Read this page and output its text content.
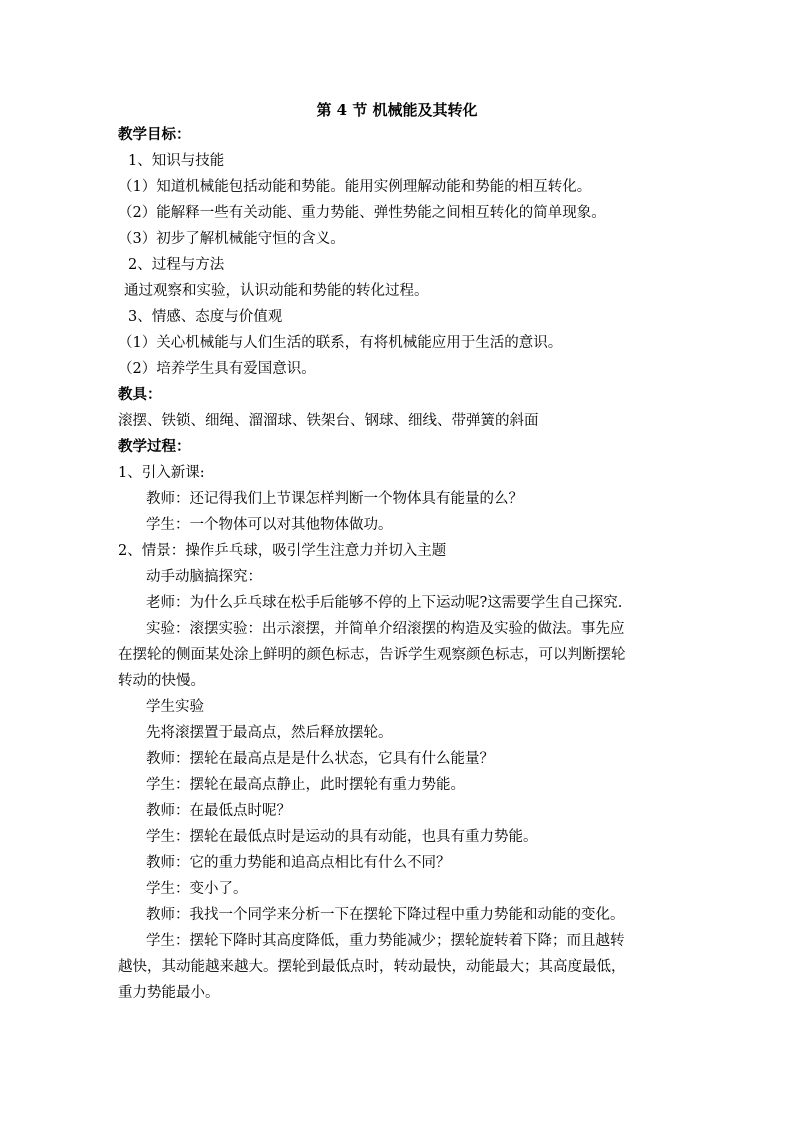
第 4 节 机械能及其转化
教学目标：
1、知识与技能
（1）知道机械能包括动能和势能。能用实例理解动能和势能的相互转化。
（2）能解释一些有关动能、重力势能、弹性势能之间相互转化的简单现象。
（3）初步了解机械能守恒的含义。
2、过程与方法
通过观察和实验，认识动能和势能的转化过程。
3、情感、态度与价值观
（1）关心机械能与人们生活的联系，有将机械能应用于生活的意识。
（2）培养学生具有爱国意识。
教具：
滚摆、铁锁、细绳、溜溜球、铁架台、钢球、细线、带弹簧的斜面
教学过程：
1、引入新课:
教师：还记得我们上节课怎样判断一个物体具有能量的么？
学生：一个物体可以对其他物体做功。
2、情景：操作乒乓球，吸引学生注意力并切入主题
动手动脑搞探究：
老师：为什么乒乓球在松手后能够不停的上下运动呢?这需要学生自己探究.
实验：滚摆实验：出示滚摆，并简单介绍滚摆的构造及实验的做法。事先应
在摆轮的侧面某处涂上鲜明的颜色标志，告诉学生观察颜色标志，可以判断摆轮
转动的快慢。
学生实验
先将滚摆置于最高点，然后释放摆轮。
教师：摆轮在最高点是是什么状态，它具有什么能量？
学生：摆轮在最高点静止，此时摆轮有重力势能。
教师：在最低点时呢？
学生：摆轮在最低点时是运动的具有动能，也具有重力势能。
教师：它的重力势能和追高点相比有什么不同？
学生：变小了。
教师：我找一个同学来分析一下在摆轮下降过程中重力势能和动能的变化。
学生：摆轮下降时其高度降低，重力势能减少；摆轮旋转着下降；而且越转
越快，其动能越来越大。摆轮到最低点时，转动最快，动能最大；其高度最低，
重力势能最小。
